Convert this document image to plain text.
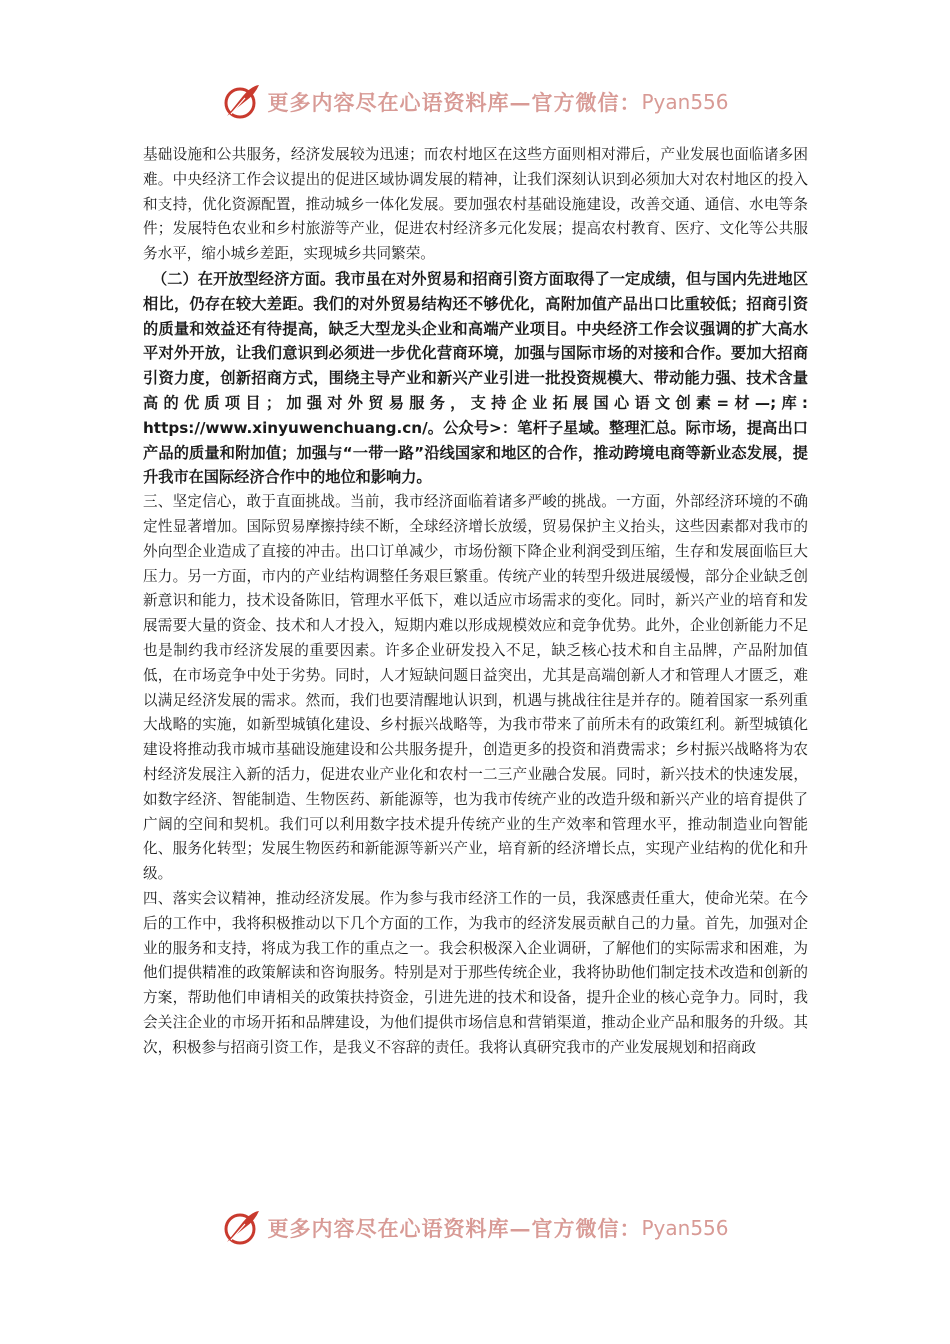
更多内容尽在心语资料库—官方微信： Pyan556

基础设施和公共服务，经济发展较为迅速；而农村地区在这些方面则相对滞后，产业发展也面临诸多困难。中央经济工作会议提出的促进区域协调发展的精神，让我们深刻认识到必须加大对农村地区的投入和支持，优化资源配置，推动城乡一体化发展。要加强农村基础设施建设，改善交通、通信、水电等条件；发展特色农业和乡村旅游等产业，促进农村经济多元化发展；提高农村教育、医疗、文化等公共服务水平，缩小城乡差距，实现城乡共同繁荣。

（二）在开放型经济方面。我市虽在对外贸易和招商引资方面取得了一定成绩，但与国内先进地区相比，仍存在较大差距。我们的对外贸易结构还不够优化，高附加值产品出口比重较低；招商引资的质量和效益还有待提高，缺乏大型龙头企业和高端产业项目。中央经济工作会议强调的扩大高水平对外开放，让我们意识到必须进一步优化营商环境，加强与国际市场的对接和合作。要加大招商引资力度，创新招商方式，围绕主导产业和新兴产业引进一批投资规模大、带动能力强、技术含量高的优质项目；加强对外贸易服务，支持企业拓展国心语文创素=材—;库: https://www.xinyuwenchuang.cn/。公众号>：笔杆子星域。整理汇总。际市场，提高出口产品的质量和附加值；加强与“一带一路”沿线国家和地区的合作，推动跨境电商等新业态发展，提升我市在国际经济合作中的地位和影响力。

三、坚定信心，敢于直面挑战。当前，我市经济面临着诸多严峻的挑战。一方面，外部经济环境的不确定性显著增加。国际贸易摩擦持续不断，全球经济增长放缓，贸易保护主义抬头，这些因素都对我市的外向型企业造成了直接的冲击。出口订单减少，市场份额下降企业利润受到压缩，生存和发展面临巨大压力。另一方面，市内的产业结构调整任务艰巨繁重。传统产业的转型升级进展缓慢，部分企业缺乏创新意识和能力，技术设备陈旧，管理水平低下，难以适应市场需求的变化。同时，新兴产业的培育和发展需要大量的资金、技术和人才投入，短期内难以形成规模效应和竞争优势。此外，企业创新能力不足也是制约我市经济发展的重要因素。许多企业研发投入不足，缺乏核心技术和自主品牌，产品附加值低，在市场竞争中处于劣势。同时，人才短缺问题日益突出，尤其是高端创新人才和管理人才匮乏，难以满足经济发展的需求。然而，我们也要清醒地认识到，机遇与挑战往往是并存的。随着国家一系列重大战略的实施，如新型城镇化建设、乡村振兴战略等，为我市带来了前所未有的政策红利。新型城镇化建设将推动我市城市基础设施建设和公共服务提升，创造更多的投资和消费需求；乡村振兴战略将为农村经济发展注入新的活力，促进农业产业化和农村一二三产业融合发展。同时，新兴技术的快速发展，如数字经济、智能制造、生物医药、新能源等，也为我市传统产业的改造升级和新兴产业的培育提供了广阔的空间和契机。我们可以利用数字技术提升传统产业的生产效率和管理水平，推动制造业向智能化、服务化转型；发展生物医药和新能源等新兴产业，培育新的经济增长点，实现产业结构的优化和升级。

四、落实会议精神，推动经济发展。作为参与我市经济工作的一员，我深感责任重大，使命光荣。在今后的工作中，我将积极推动以下几个方面的工作，为我市的经济发展贡献自己的力量。首先，加强对企业的服务和支持，将成为我工作的重点之一。我会积极深入企业调研，了解他们的实际需求和困难，为他们提供精准的政策解读和咨询服务。特别是对于那些传统企业，我将协助他们制定技术改造和创新的方案，帮助他们申请相关的政策扶持资金，引进先进的技术和设备，提升企业的核心竞争力。同时，我会关注企业的市场开拓和品牌建设，为他们提供市场信息和营销渠道，推动企业产品和服务的升级。其次，积极参与招商引资工作，是我义不容辞的责任。我将认真研究我市的产业发展规划和招商政

更多内容尽在心语资料库—官方微信： Pyan556
